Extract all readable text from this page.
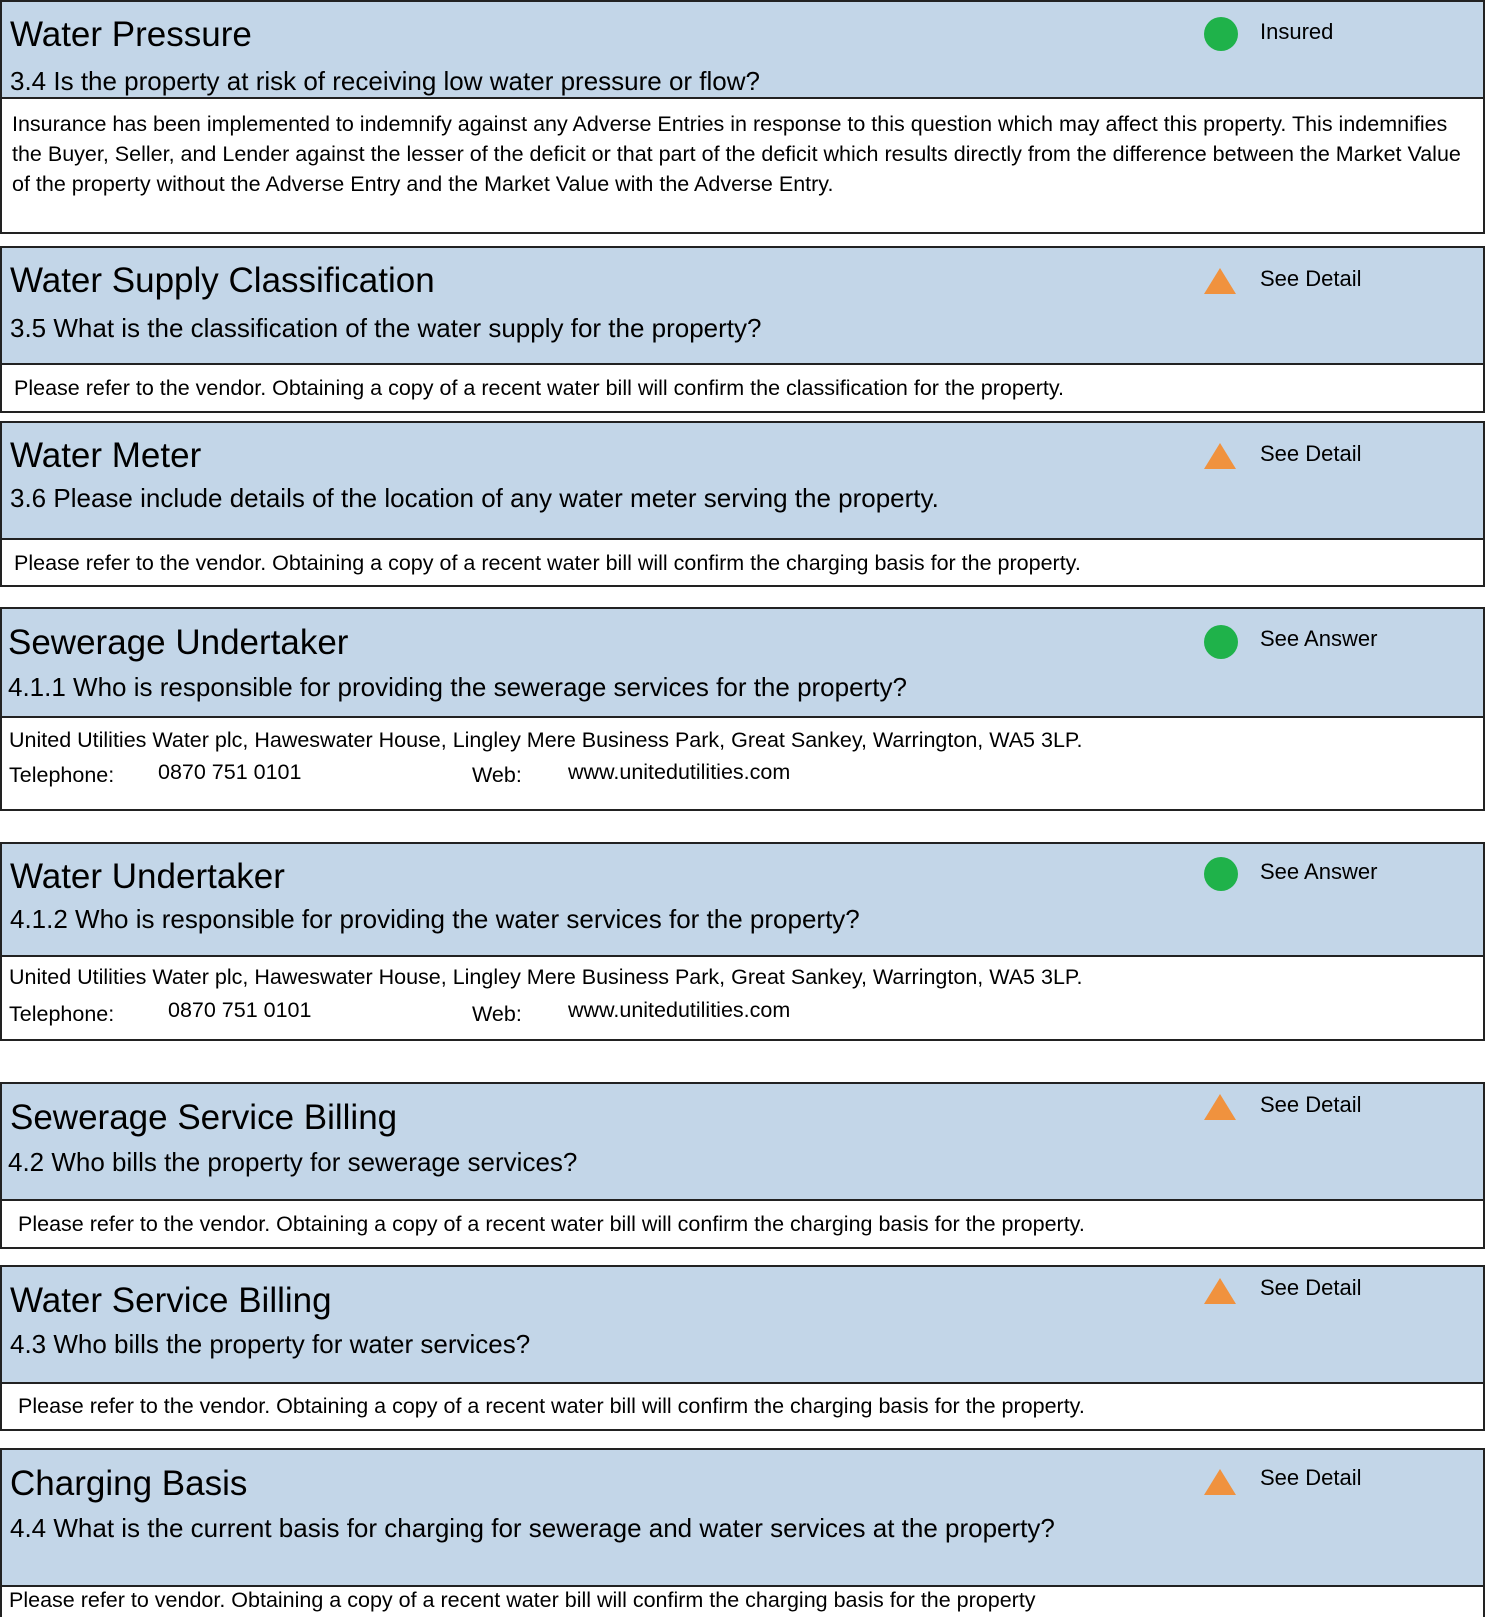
Water Pressure
3.4 Is the property at risk of receiving low water pressure or flow?
Insured
Insurance has been implemented to indemnify against any Adverse Entries in response to this question which may affect this property. This indemnifies the Buyer, Seller, and Lender against the lesser of the deficit or that part of the deficit which results directly from the difference between the Market Value of the property without the Adverse Entry and the Market Value with the Adverse Entry.
Water Supply Classification
3.5 What is the classification of the water supply for the property?
See Detail
Please refer to the vendor. Obtaining a copy of a recent water bill will confirm the classification for the property.
Water Meter
3.6 Please include details of the location of any water meter serving the property.
See Detail
Please refer to the vendor. Obtaining a copy of a recent water bill will confirm the charging basis for the property.
Sewerage Undertaker
4.1.1 Who is responsible for providing the sewerage services for the property?
See Answer
United Utilities Water plc, Haweswater House, Lingley Mere Business Park, Great Sankey, Warrington, WA5 3LP.
Telephone: 0870 751 0101	Web: www.unitedutilities.com
Water Undertaker
4.1.2 Who is responsible for providing the water services for the property?
See Answer
United Utilities Water plc, Haweswater House, Lingley Mere Business Park, Great Sankey, Warrington, WA5 3LP.
Telephone:	0870 751 0101	Web: www.unitedutilities.com
Sewerage Service Billing
4.2 Who bills the property for sewerage services?
See Detail
Please refer to the vendor. Obtaining a copy of a recent water bill will confirm the charging basis for the property.
Water Service Billing
4.3 Who bills the property for water services?
See Detail
Please refer to the vendor. Obtaining a copy of a recent water bill will confirm the charging basis for the property.
Charging Basis
4.4 What is the current basis for charging for sewerage and water services at the property?
See Detail
Please refer to vendor. Obtaining a copy of a recent water bill will confirm the charging basis for the property
